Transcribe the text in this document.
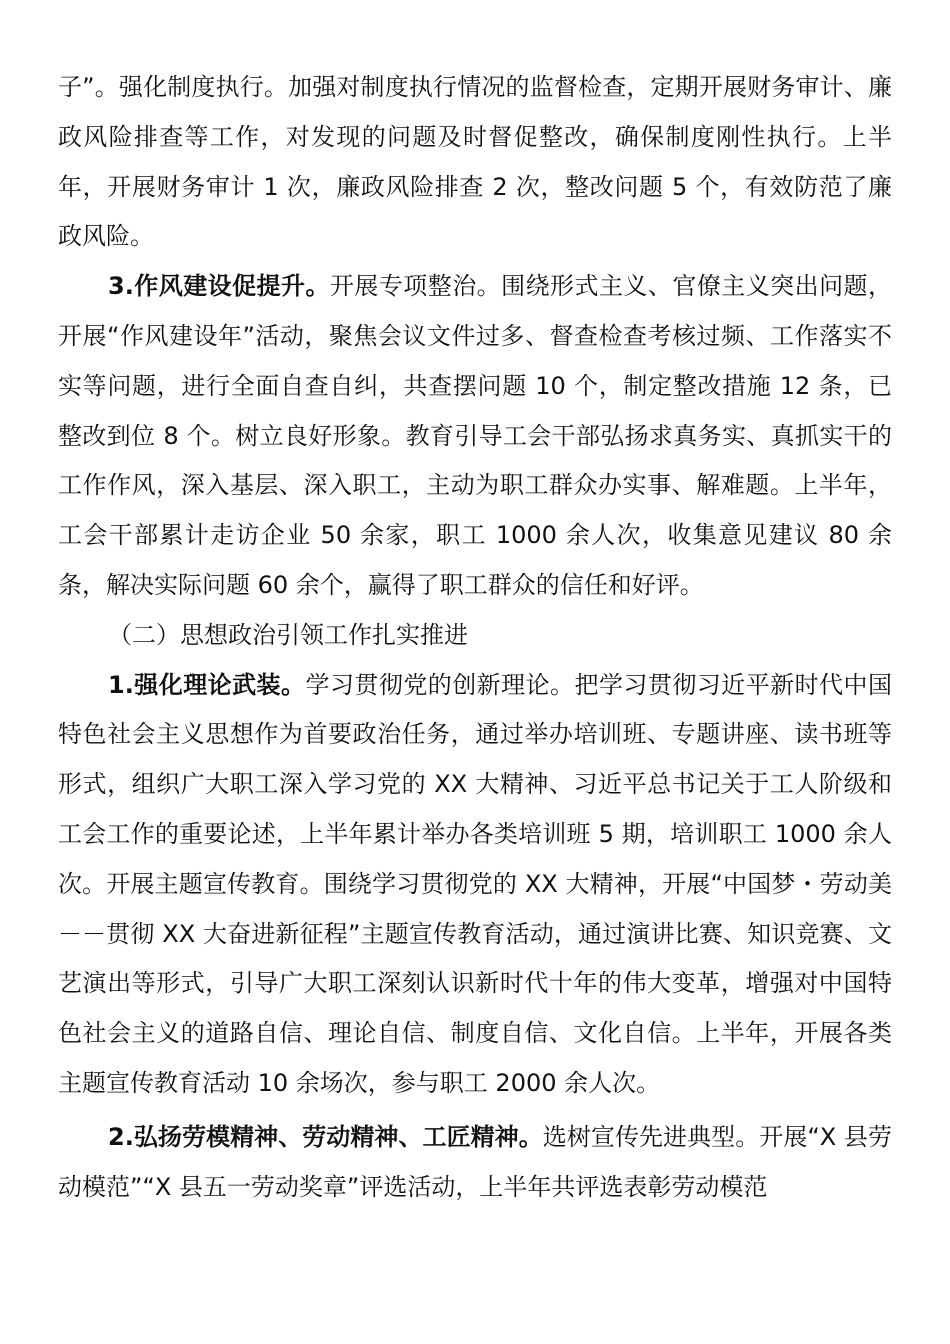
子”。强化制度执行。加强对制度执行情况的监督检查，定期开展财务审计、廉政风险排查等工作，对发现的问题及时督促整改，确保制度刚性执行。上半年，开展财务审计 1 次，廉政风险排查 2 次，整改问题 5 个，有效防范了廉政风险。

3.作风建设促提升。开展专项整治。围绕形式主义、官僚主义突出问题，开展“作风建设年”活动，聚焦会议文件过多、督查检查考核过频、工作落实不实等问题，进行全面自查自纠，共查摆问题 10 个，制定整改措施 12 条，已整改到位 8 个。树立良好形象。教育引导工会干部弘扬求真务实、真抓实干的工作作风，深入基层、深入职工，主动为职工群众办实事、解难题。上半年，工会干部累计走访企业 50 余家，职工 1000 余人次，收集意见建议 80 余条，解决实际问题 60 余个，赢得了职工群众的信任和好评。

（二）思想政治引领工作扎实推进

1.强化理论武装。学习贯彻党的创新理论。把学习贯彻习近平新时代中国特色社会主义思想作为首要政治任务，通过举办培训班、专题讲座、读书班等形式，组织广大职工深入学习党的 XX 大精神、习近平总书记关于工人阶级和工会工作的重要论述，上半年累计举办各类培训班 5 期，培训职工 1000 余人次。开展主题宣传教育。围绕学习贯彻党的 XX 大精神，开展“中国梦・劳动美－－贯彻 XX 大奋进新征程”主题宣传教育活动，通过演讲比赛、知识竞赛、文艺演出等形式，引导广大职工深刻认识新时代十年的伟大变革，增强对中国特色社会主义的道路自信、理论自信、制度自信、文化自信。上半年，开展各类主题宣传教育活动 10 余场次，参与职工 2000 余人次。

2.弘扬劳模精神、劳动精神、工匠精神。选树宣传先进典型。开展“X 县劳动模范”“X 县五一劳动奖章”评选活动，上半年共评选表彰劳动模范
